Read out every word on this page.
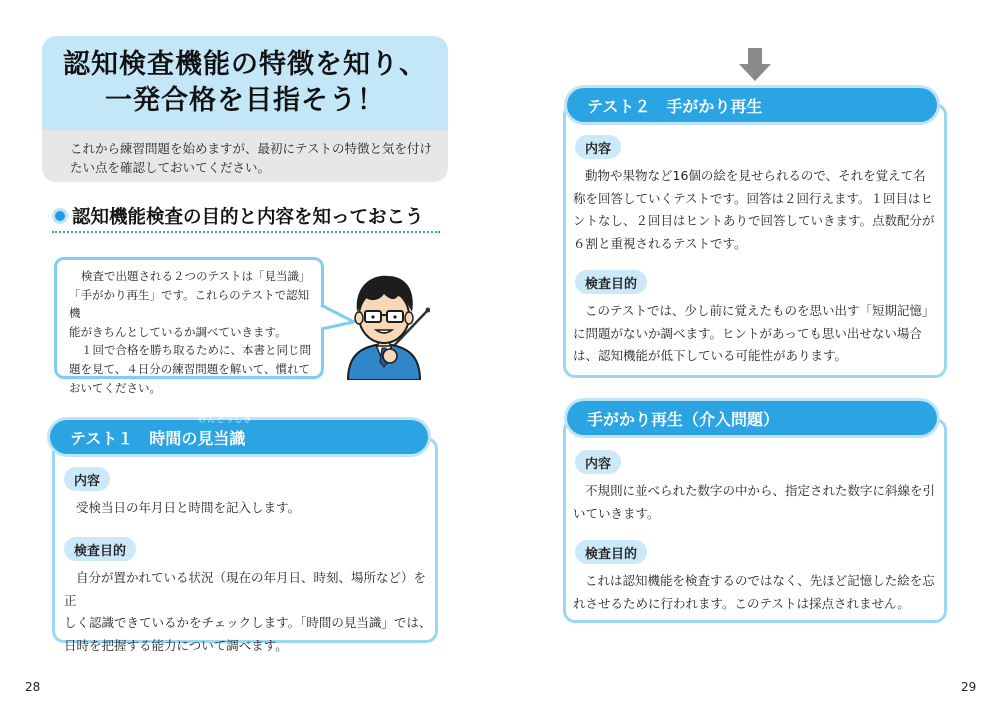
認知検査機能の特徴を知り、
一発合格を目指そう！
これから練習問題を始めますが、最初にテストの特徴と気を付けたい点を確認しておいてください。
認知機能検査の目的と内容を知っておこう
検査で出題される２つのテストは「見当識」
「手がかり再生」です。これらのテストで認知機
能がきちんとしているか調べていきます。
１回で合格を勝ち取るために、本書と同じ問
題を見て、４日分の練習問題を解いて、慣れて
おいてください。
テスト１　時間の
けんとうしき
見当識
内容
受検当日の年月日と時間を記入します。
検査目的
自分が置かれている状況（現在の年月日、時刻、場所など）を正
しく認識できているかをチェックします。「時間の見当識」では、
日時を把握する能力について調べます。
28
テスト２　手がかり再生
内容
動物や果物など16個の絵を見せられるので、それを覚えて名
称を回答していくテストです。回答は２回行えます。１回目はヒ
ントなし、２回目はヒントありで回答していきます。点数配分が
６割と重視されるテストです。
検査目的
このテストでは、少し前に覚えたものを思い出す「短期記憶」
に問題がないか調べます。ヒントがあっても思い出せない場合
は、認知機能が低下している可能性があります。
手がかり再生（介入問題）
内容
不規則に並べられた数字の中から、指定された数字に斜線を引
いていきます。
検査目的
これは認知機能を検査するのではなく、先ほど記憶した絵を忘
れさせるために行われます。このテストは採点されません。
29
